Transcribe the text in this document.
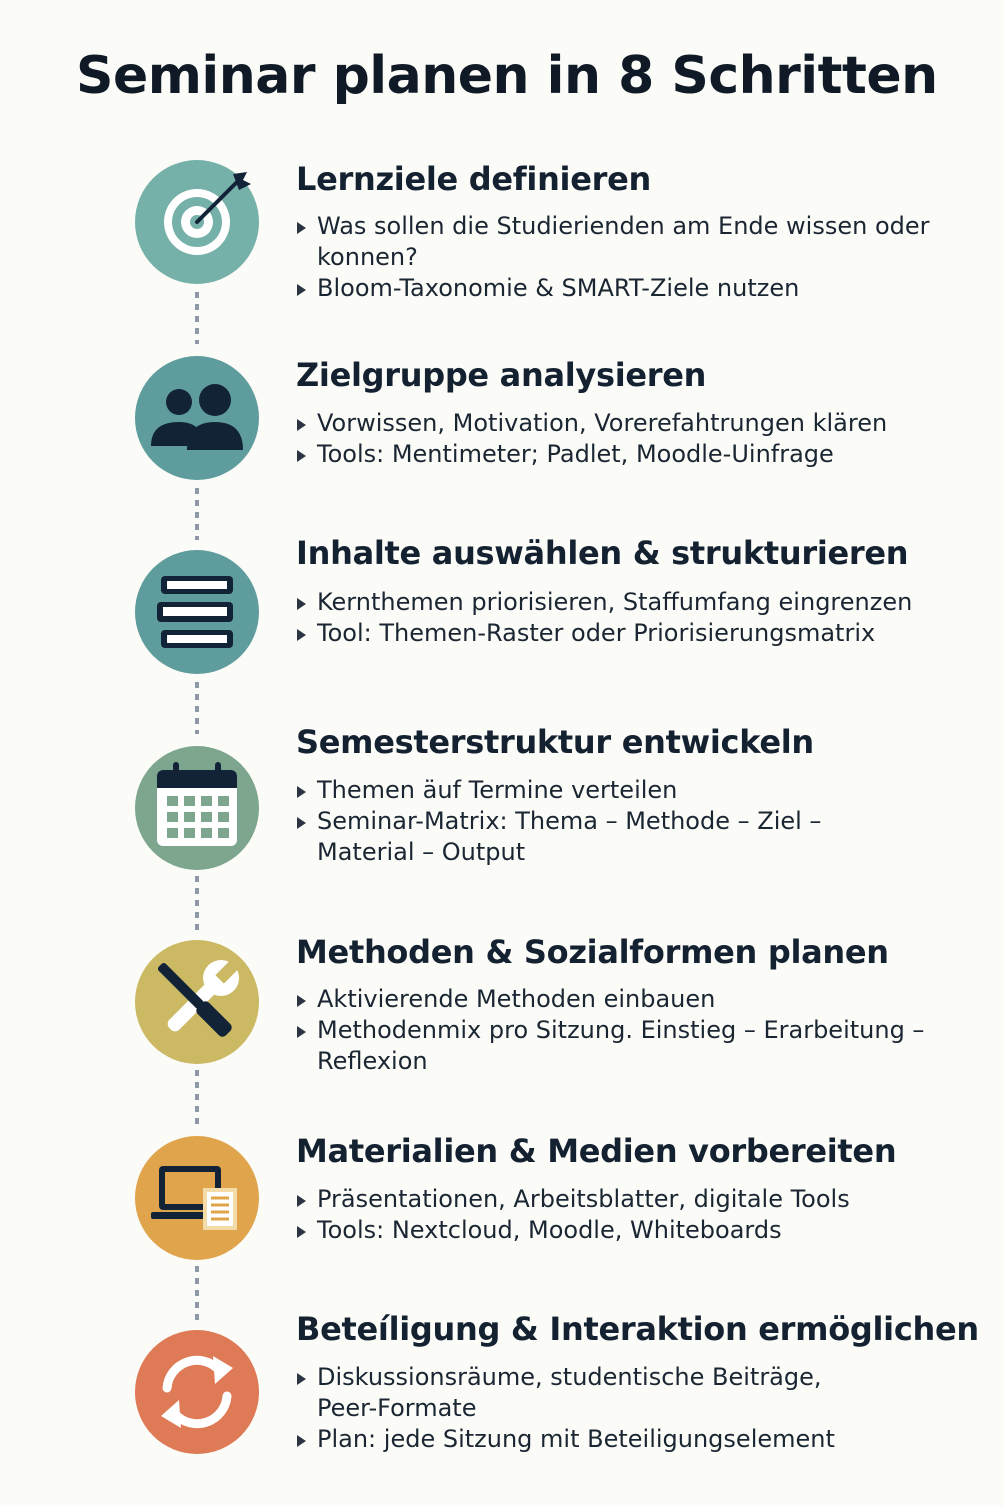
Seminar planen in 8 Schritten
Lernziele definieren
Was sollen die Studierienden am Ende wissen oder konnen?
Bloom-Taxonomie & SMART-Ziele nutzen
Zielgruppe analysieren
Vorwissen, Motivation, Vorerefahtrungen klären
Tools: Mentimeter; Padlet, Moodle-Uinfrage
Inhalte auswählen & strukturieren
Kernthemen priorisieren, Staffumfang eingrenzen
Tool: Themen-Raster oder Priorisierungsmatrix
Semesterstruktur entwickeln
Themen äuf Termine verteilen
Seminar-Matrix: Thema – Methode – Ziel – Material – Output
Methoden & Sozialformen planen
Aktivierende Methoden einbauen
Methodenmix pro Sitzung. Einstieg – Erarbeitung – Reflexion
Materialien & Medien vorbereiten
Präsentationen, Arbeitsblatter, digitale Tools
Tools: Nextcloud, Moodle, Whiteboards
Beteíligung & Interaktion ermöglichen
Diskussionsräume, studentische Beiträge, Peer-Formate
Plan: jede Sitzung mit Beteiligungselement
